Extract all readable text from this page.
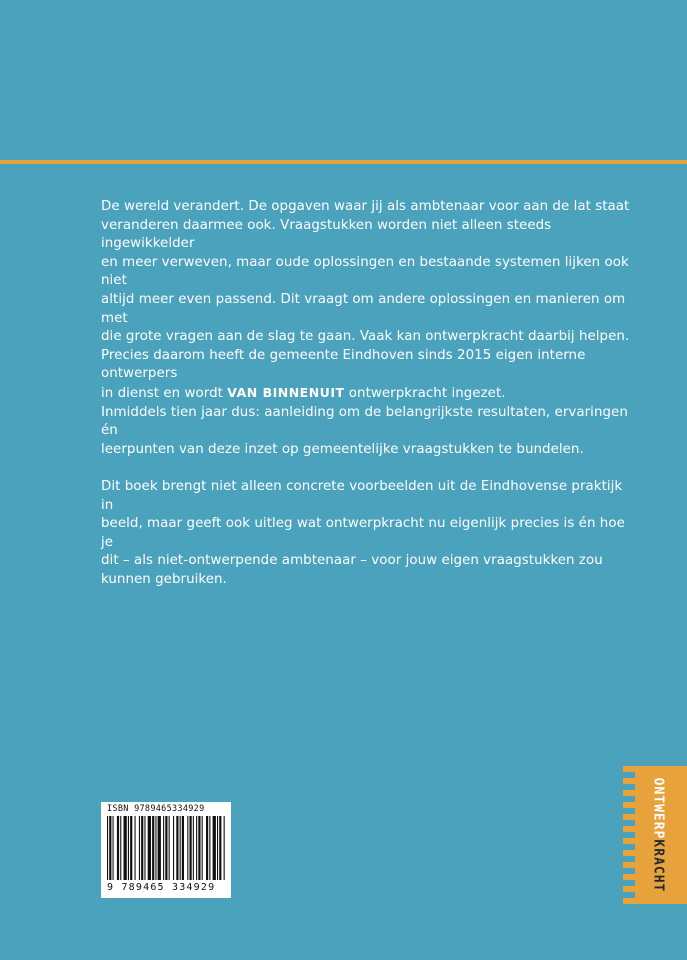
De wereld verandert. De opgaven waar jij als ambtenaar voor aan de lat staat
veranderen daarmee ook. Vraagstukken worden niet alleen steeds ingewikkelder
en meer verweven, maar oude oplossingen en bestaande systemen lijken ook niet
altijd meer even passend. Dit vraagt om andere oplossingen en manieren om met
die grote vragen aan de slag te gaan. Vaak kan ontwerpkracht daarbij helpen.
Precies daarom heeft de gemeente Eindhoven sinds 2015 eigen interne ontwerpers
in dienst en wordt VAN BINNENUIT ontwerpkracht ingezet.
Inmiddels tien jaar dus: aanleiding om de belangrijkste resultaten, ervaringen én
leerpunten van deze inzet op gemeentelijke vraagstukken te bundelen.

Dit boek brengt niet alleen concrete voorbeelden uit de Eindhovense praktijk in
beeld, maar geeft ook uitleg wat ontwerpkracht nu eigenlijk precies is én hoe je
dit – als niet-ontwerpende ambtenaar – voor jouw eigen vraagstukken zou
kunnen gebruiken.

ONTWERPKRACHT
ISBN 9789465334929
9 789465 334929
